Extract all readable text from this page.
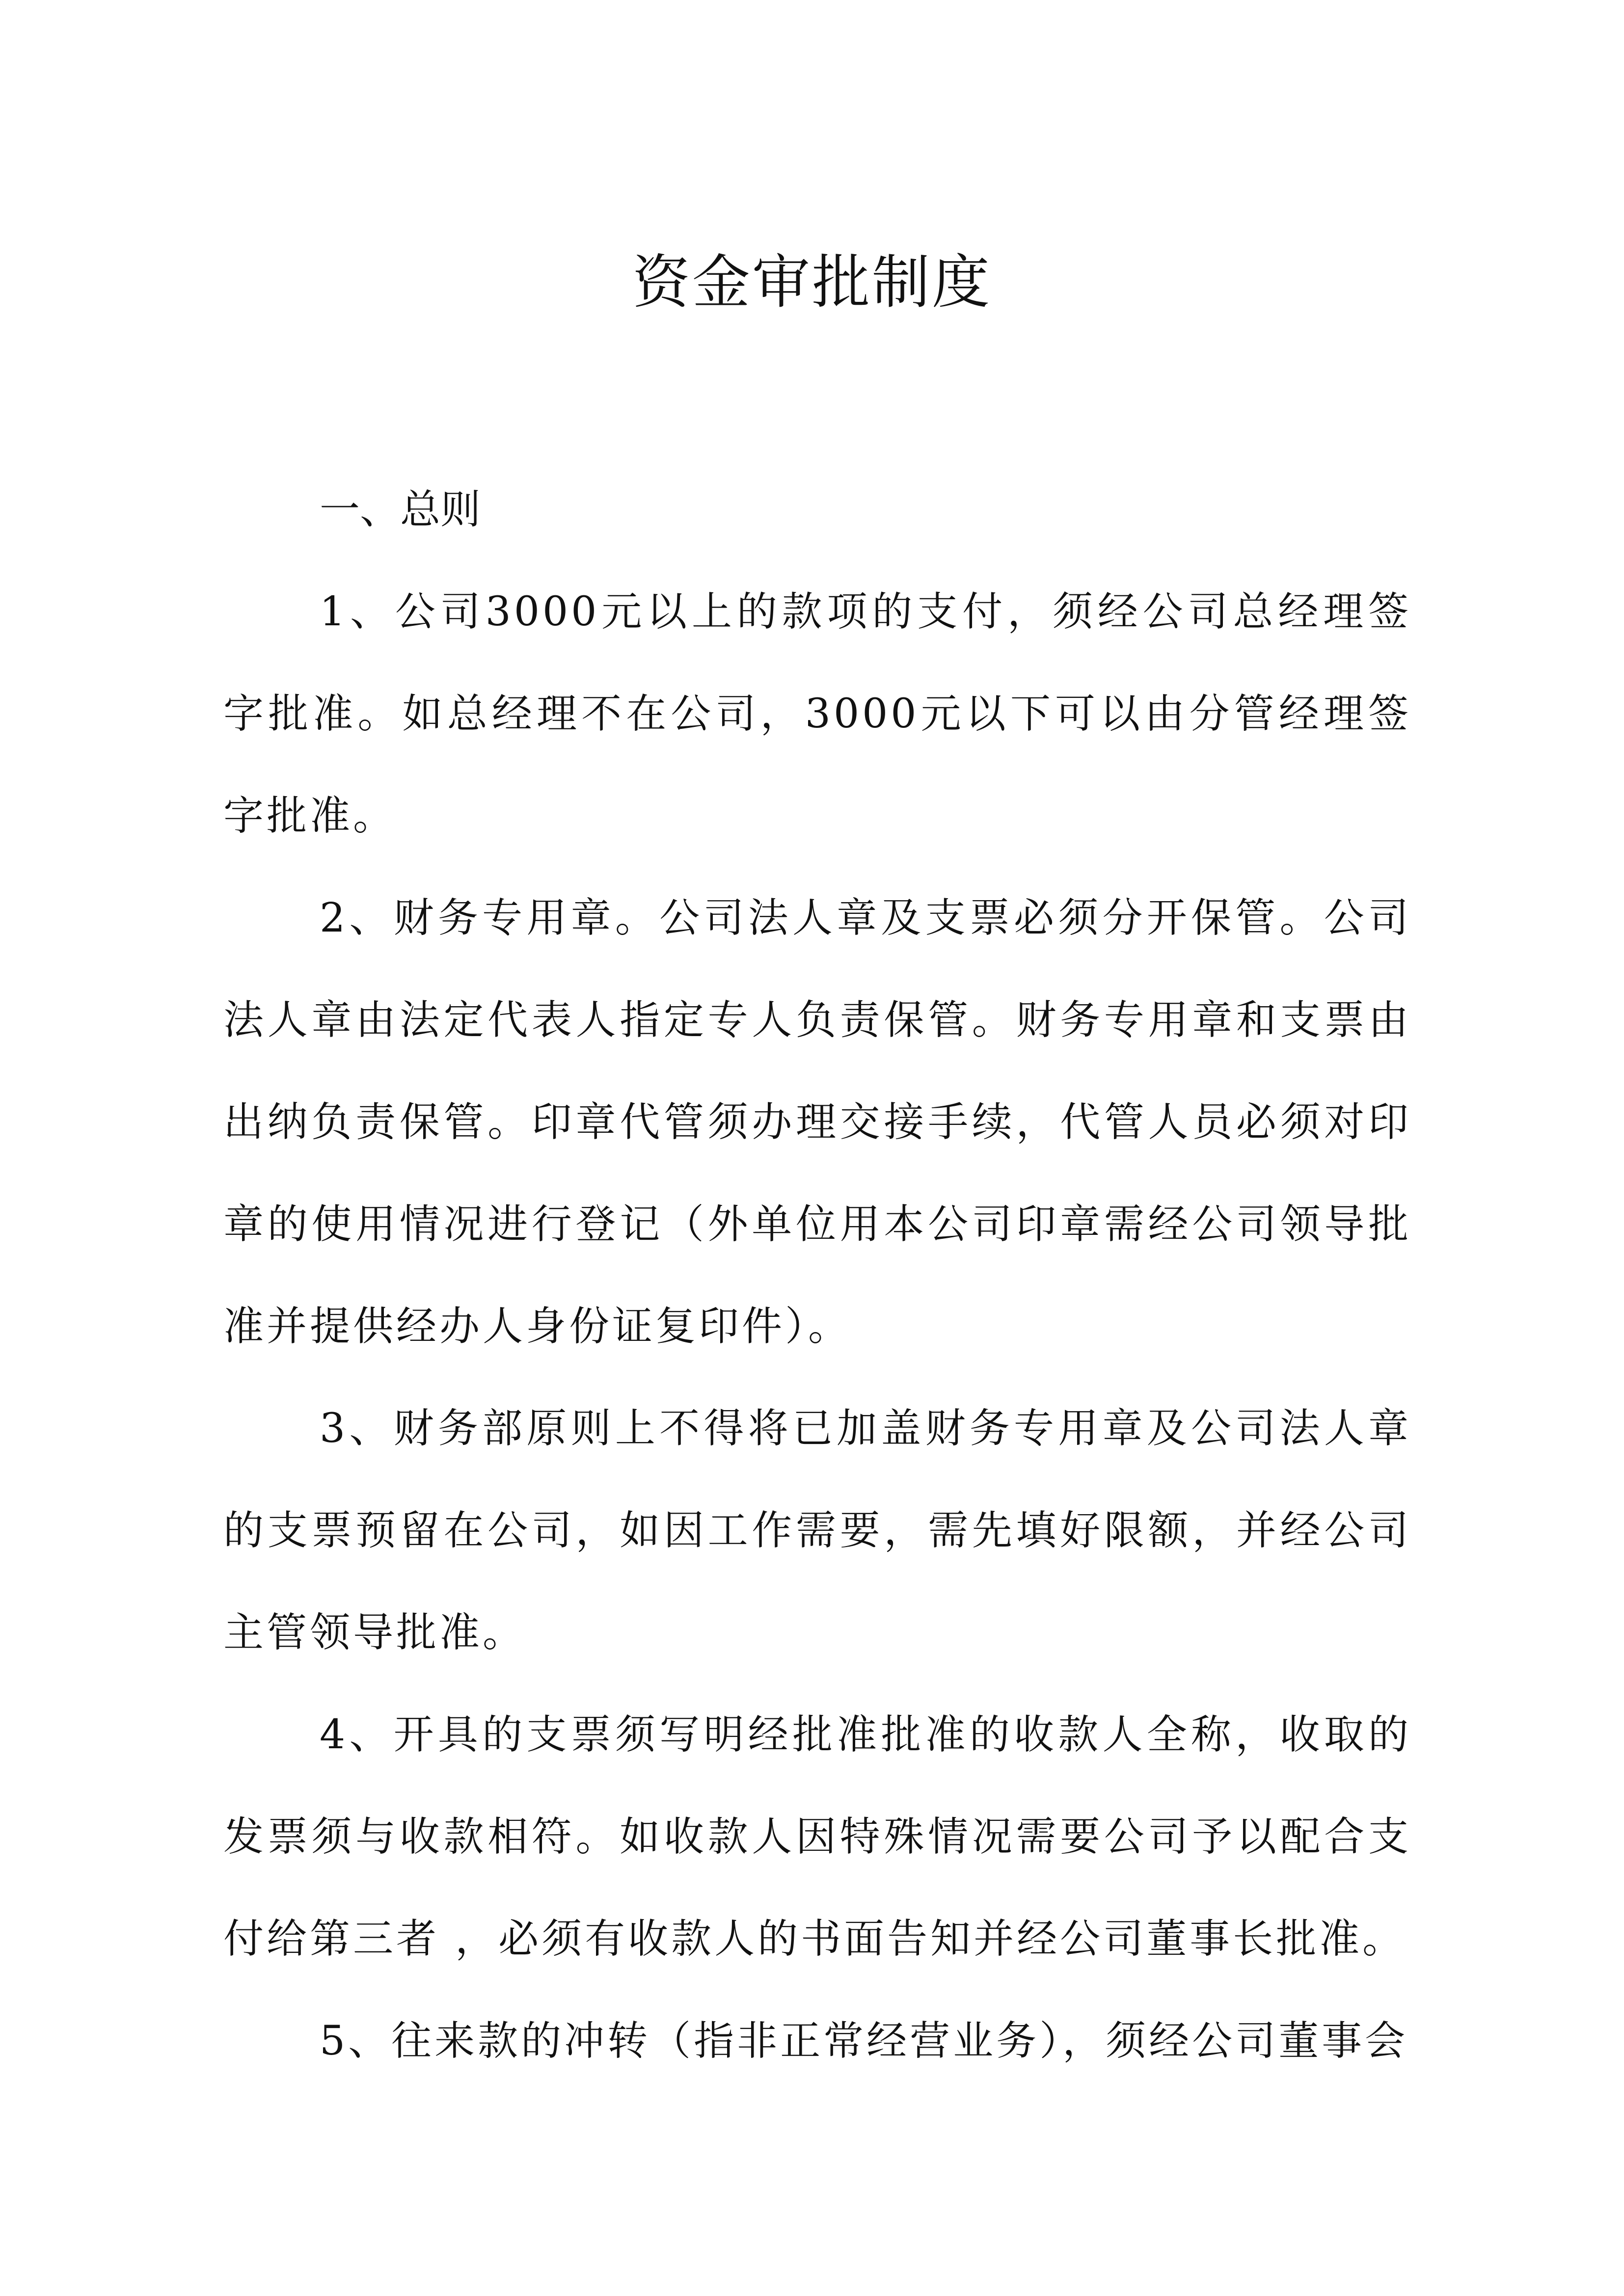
资金审批制度

一、总则

1、公司3000元以上的款项的支付，须经公司总经理签字批准。如总经理不在公司，3000元以下可以由分管经理签字批准。

2、财务专用章。公司法人章及支票必须分开保管。公司法人章由法定代表人指定专人负责保管。财务专用章和支票由出纳负责保管。印章代管须办理交接手续，代管人员必须对印章的使用情况进行登记（外单位用本公司印章需经公司领导批准并提供经办人身份证复印件）。

3、财务部原则上不得将已加盖财务专用章及公司法人章的支票预留在公司，如因工作需要，需先填好限额，并经公司主管领导批准。

4、开具的支票须写明经批准批准的收款人全称，收取的发票须与收款相符。如收款人因特殊情况需要公司予以配合支付给第三者 ，必须有收款人的书面告知并经公司董事长批准。

5、往来款的冲转（指非正常经营业务），须经公司董事会
